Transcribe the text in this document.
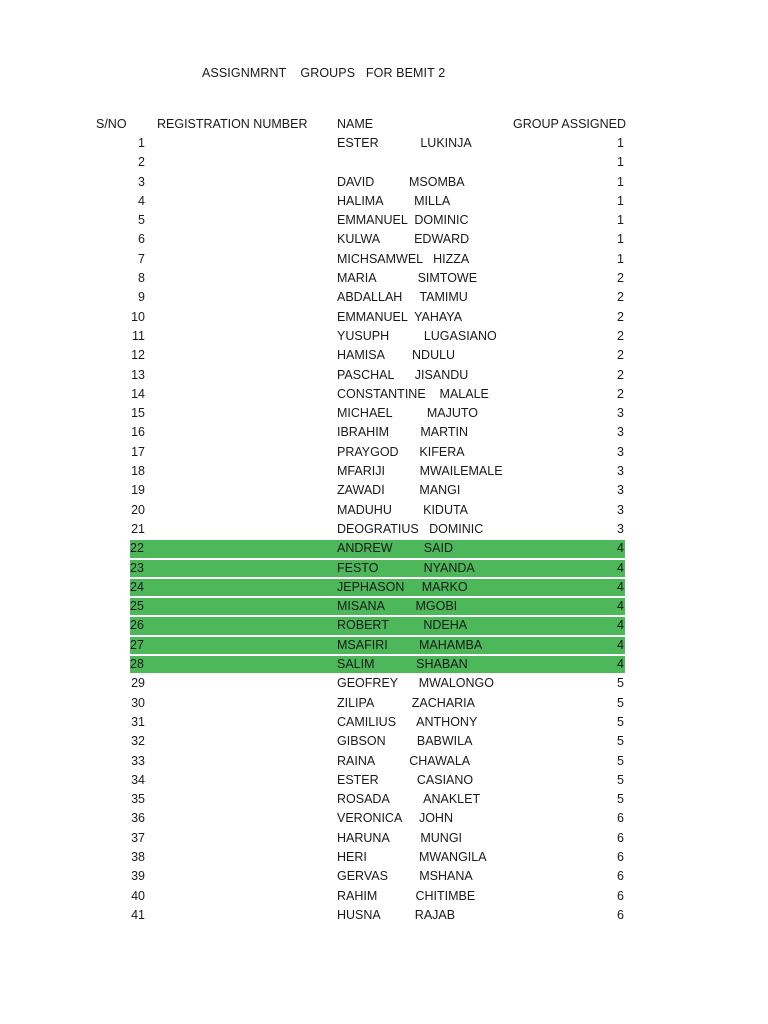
ASSIGNMRNT    GROUPS   FOR BEMIT 2
S/NO REGISTRATION NUMBER NAME	GROUP ASSIGNED
1	ESTER            LUKINJA	1
2	1
3	DAVID          MSOMBA	1
4	HALIMA         MILLA	1
5	EMMANUEL  DOMINIC	1
6	KULWA          EDWARD	1
7	MICHSAMWEL   HIZZA	1
8	MARIA            SIMTOWE	2
9	ABDALLAH     TAMIMU	2
10	EMMANUEL  YAHAYA	2
11	YUSUPH          LUGASIANO	2
12	HAMISA        NDULU	2
13	PASCHAL      JISANDU	2
14	CONSTANTINE    MALALE	2
15	MICHAEL          MAJUTO	3
16	IBRAHIM         MARTIN	3
17	PRAYGOD      KIFERA	3
18	MFARIJI          MWAILEMALE	3
19	ZAWADI          MANGI	3
20	MADUHU         KIDUTA	3
21	DEOGRATIUS   DOMINIC	3
22	ANDREW         SAID	4
23	FESTO             NYANDA	4
24	JEPHASON     MARKO	4
25	MISANA         MGOBI	4
26	ROBERT          NDEHA	4
27	MSAFIRI         MAHAMBA	4
28	SALIM            SHABAN	4
29	GEOFREY      MWALONGO	5
30	ZILIPA           ZACHARIA	5
31	CAMILIUS      ANTHONY	5
32	GIBSON         BABWILA	5
33	RAINA          CHAWALA	5
34	ESTER           CASIANO	5
35	ROSADA          ANAKLET	5
36	VERONICA     JOHN	6
37	HARUNA         MUNGI	6
38	HERI               MWANGILA	6
39	GERVAS         MSHANA	6
40	RAHIM           CHITIMBE	6
41	HUSNA          RAJAB	6
